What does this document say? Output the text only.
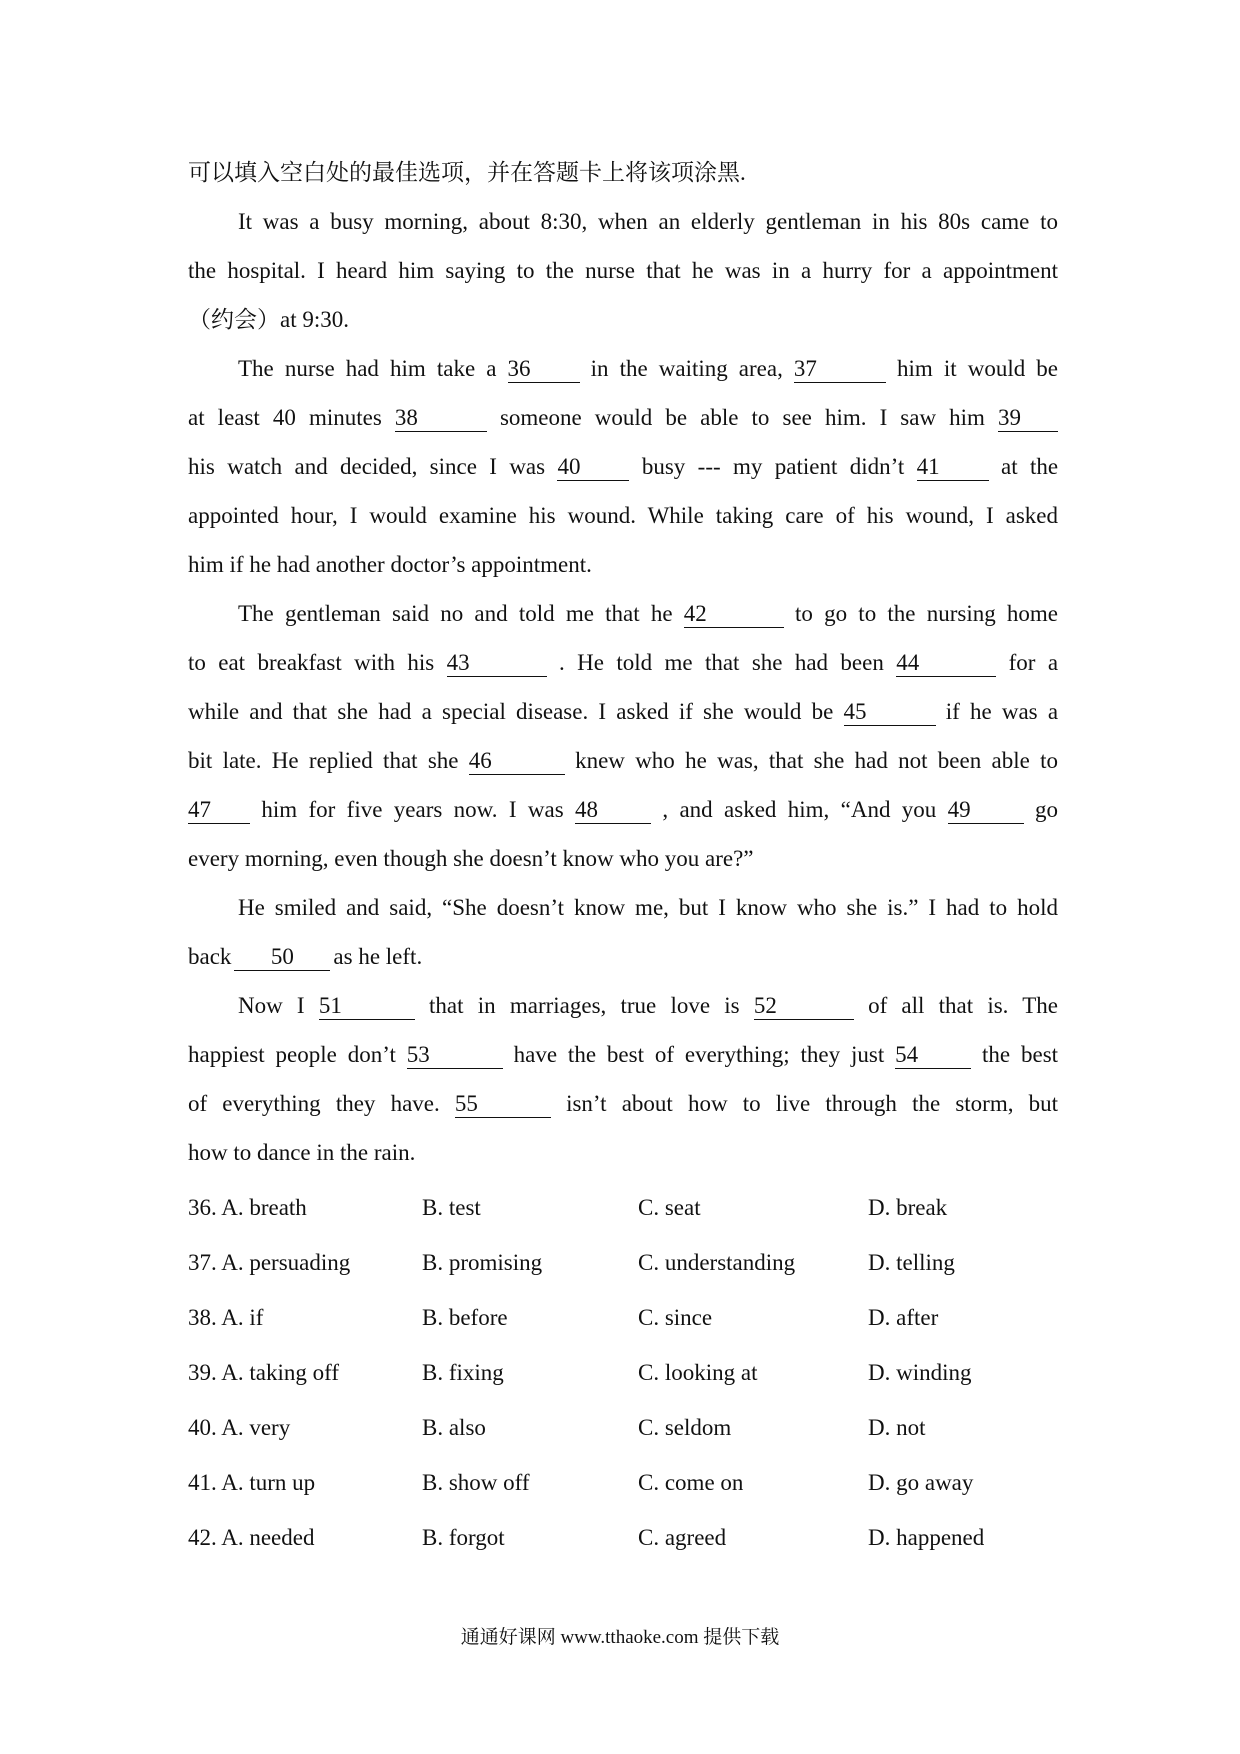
可以填入空白处的最佳选项，并在答题卡上将该项涂黑.
It was a busy morning, about 8:30, when an elderly gentleman in his 80s came to
the hospital. I heard him saying to the nurse that he was in a hurry for a appointment
（约会）at 9:30.
The nurse had him take a 36	in the waiting area, 37	him it would be
at least 40 minutes 38	someone would be able to see him. I saw him 39
his watch and decided, since I was 40	busy --- my patient didn’t 41	at the
appointed hour, I would examine his wound. While taking care of his wound, I asked
him if he had another doctor’s appointment.
The gentleman said no and told me that he 42	to go to the nursing home
to eat breakfast with his 43	. He told me that she had been 44	for a
while and that she had a special disease. I asked if she would be 45	if he was a
bit late. He replied that she 46	knew who he was, that she had not been able to
47 him for five years now. I was 48	, and asked him, “And you 49	go
every morning, even though she doesn’t know who you are?”
He smiled and said, “She doesn’t know me, but I know who she is.” I had to hold
back 50 as he left.
Now I 51	that in marriages, true love is 52	of all that is. The
happiest people don’t 53	have the best of everything; they just 54	the best
of everything they have. 55	isn’t about how to live through the storm, but
how to dance in the rain.
36. A. breath	B. test	C. seat	D. break
37. A. persuading	B. promising	C. understanding	D. telling
38. A. if	B. before	C. since	D. after
39. A. taking off	B. fixing	C. looking at	D. winding
40. A. very	B. also	C. seldom	D. not
41. A. turn up	B. show off	C. come on	D. go away
42. A. needed	B. forgot	C. agreed	D. happened
通通好课网 www.tthaoke.com 提供下载
